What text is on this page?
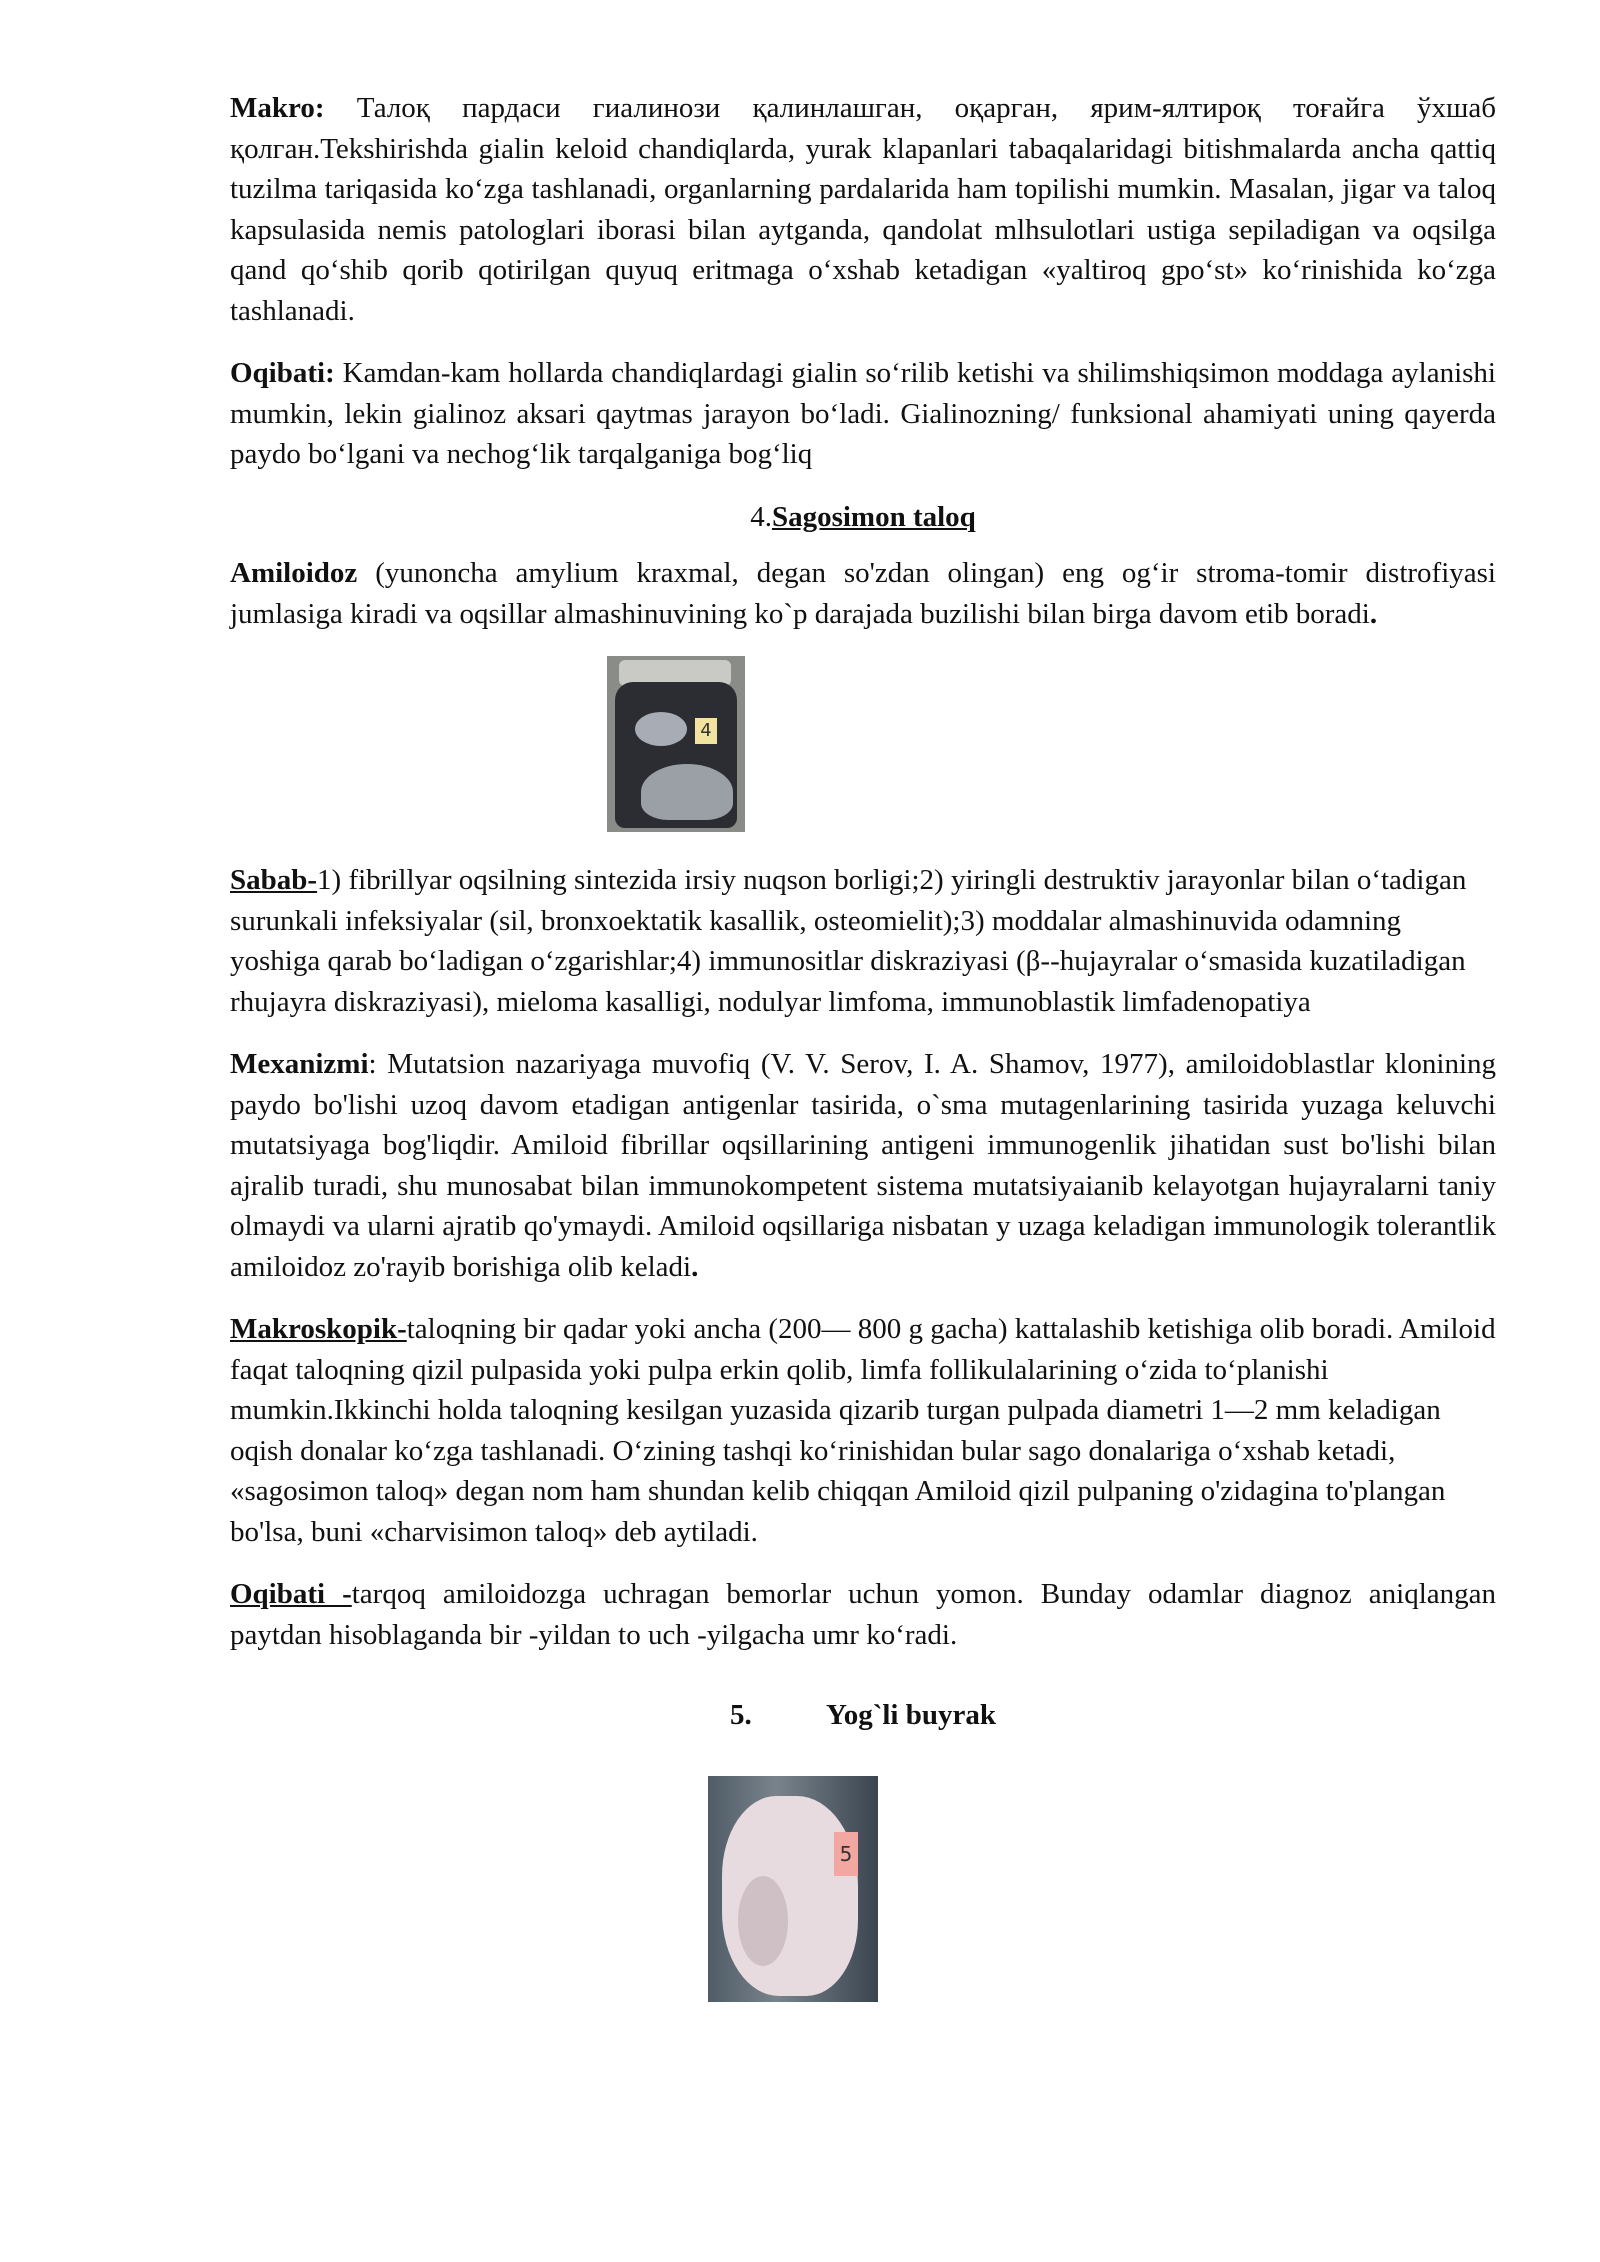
Makro: Талоқ пардаси гиалинози қалинлашган, оқарган, ярим-ялтироқ тоғайга ўхшаб қолган.Tekshirishda gialin keloid chandiqlarda, yurak klapanlari tabaqalaridagi bitishmalarda ancha qattiq tuzilma tariqasida koʻzga tashlanadi, organlarning pardalarida ham topilishi mumkin. Masalan, jigar va taloq kapsulasida nemis patologlari iborasi bilan aytganda, qandolat mlhsulotlari ustiga sepiladigan va oqsilga qand qoʻshib qorib qotirilgan quyuq eritmaga oʻxshab ketadigan «yaltiroq gpoʻst» koʻrinishida koʻzga tashlanadi.

Oqibati: Kamdan-kam hollarda chandiqlardagi gialin soʻrilib ketishi va shilimshiqsimon moddaga aylanishi mumkin, lekin gialinoz aksari qaytmas jarayon boʻladi. Gialinozning/ funksional ahamiyati uning qayerda paydo boʻlgani va nechogʻlik tarqalganiga bogʻliq

4.Sagosimon taloq

Amiloidoz (yunoncha amylium kraxmal, degan so'zdan olingan) eng ogʻir stroma-tomir distrofiyasi jumlasiga kiradi va oqsillar almashinuvining ko`p darajada buzilishi bilan birga davom etib boradi.

4

Sabab-1) fibrillyar oqsilning sintezida irsiy nuqson borligi;2) yiringli destruktiv jarayonlar bilan oʻtadigan surunkali infeksiyalar (sil, bronxoektatik kasallik, osteomielit);3) moddalar almashinuvida odamning yoshiga qarab boʻladigan oʻzgarishlar;4) immunositlar diskraziyasi (β--hujayralar oʻsmasida kuzatiladigan rhujayra diskraziyasi), mieloma kasalligi, nodulyar limfoma, immunoblastik limfadenopatiya

Mexanizmi: Mutatsion nazariyaga muvofiq (V. V. Serov, I. A. Shamov, 1977), amiloidoblastlar klonining paydo bo'lishi uzoq davom etadigan antigenlar tasirida, o`sma mutagenlarining tasirida yuzaga keluvchi mutatsiyaga bog'liqdir. Amiloid fibrillar oqsillarining antigeni immunogenlik jihatidan sust bo'lishi bilan ajralib turadi, shu munosabat bilan immunokompetent sistema mutatsiyaianib kelayotgan hujayralarni taniy olmaydi va ularni ajratib qo'ymaydi. Amiloid oqsillariga nisbatan y uzaga keladigan immunologik tolerantlik amiloidoz zo'rayib borishiga olib keladi.

Makroskopik-taloqning bir qadar yoki ancha (200— 800 g gacha) kattalashib ketishiga olib boradi. Amiloid faqat taloqning qizil pulpasida yoki pulpa erkin qolib, limfa follikulalarining oʻzida toʻplanishi mumkin.Ikkinchi holda taloqning kesilgan yuzasida qizarib turgan pulpada diametri 1—2 mm keladigan oqish donalar koʻzga tashlanadi. Oʻzining tashqi koʻrinishidan bular sago donalariga oʻxshab ketadi, «sagosimon taloq» degan nom ham shundan kelib chiqqan Amiloid qizil pulpaning o'zidagina to'plangan bo'lsa, buni «charvisimon taloq» deb aytiladi.

Oqibati -tarqoq amiloidozga uchragan bemorlar uchun yomon. Bunday odamlar diagnoz aniqlangan paytdan hisoblaganda bir -yildan to uch -yilgacha umr koʻradi.

5.	Yog`li buyrak

5
